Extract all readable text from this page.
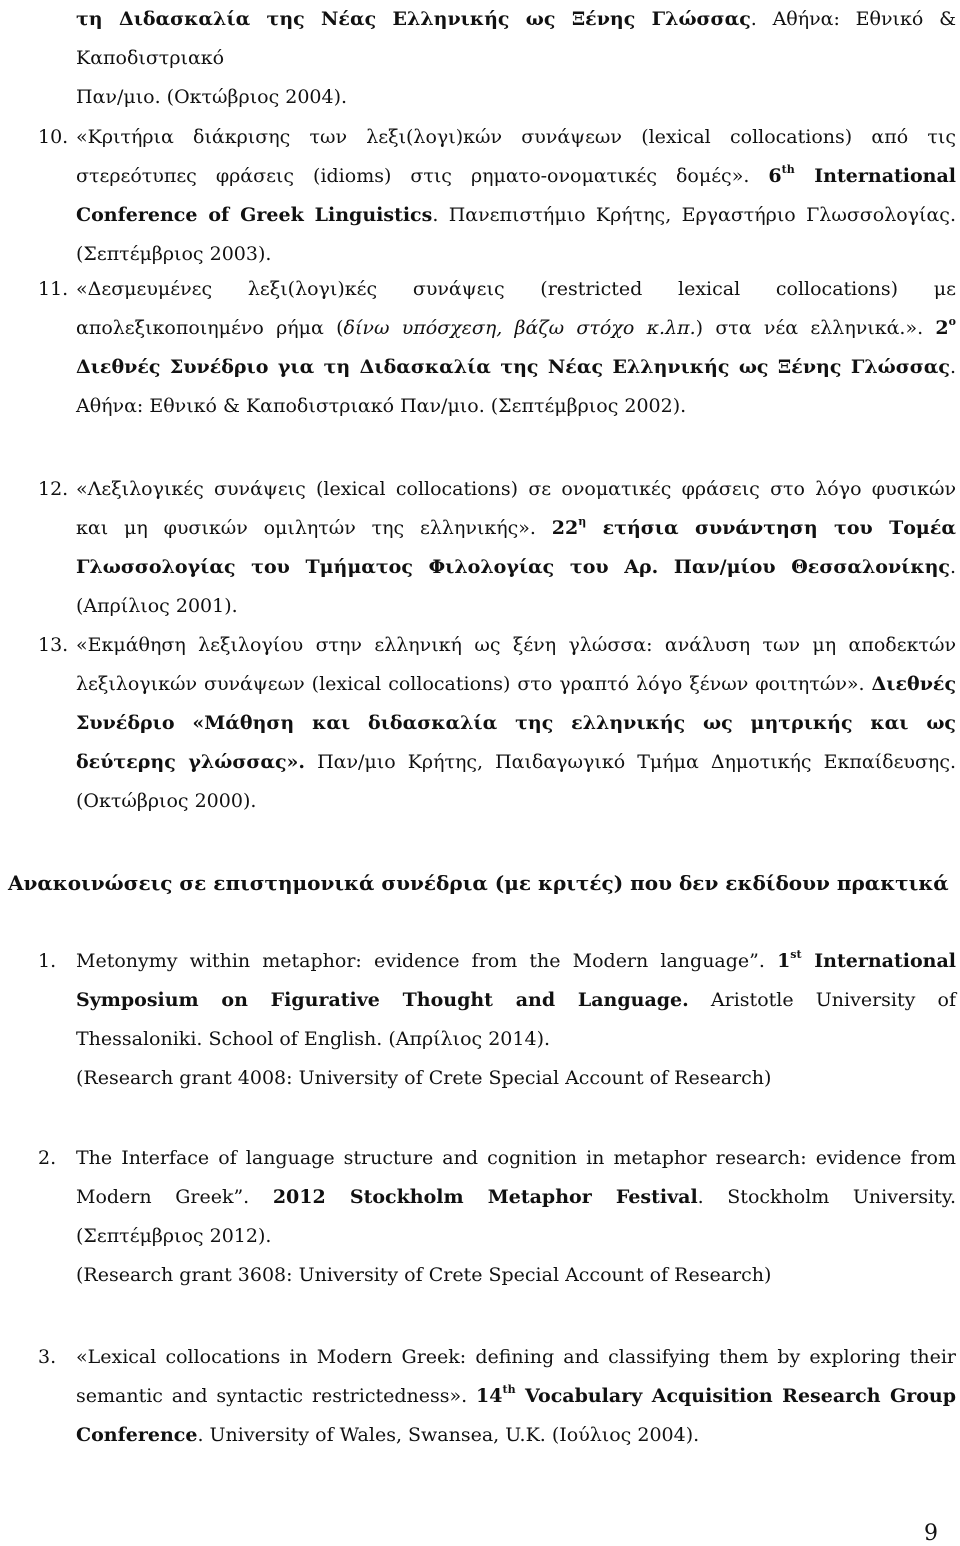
τη Διδασκαλία της Νέας Ελληνικής ως Ξένης Γλώσσας. Αθήνα: Εθνικό & Καποδιστριακό
Παν/μιο. (Οκτώβριος 2004).
10. «Κριτήρια διάκρισης των λεξι(λογι)κών συνάψεων (lexical collocations) από τις στερεότυπες φράσεις (idioms) στις ρηματο-ονοματικές δομές». 6th International Conference of Greek Linguistics. Πανεπιστήμιο Κρήτης, Εργαστήριο Γλωσσολογίας. (Σεπτέμβριος 2003).
11. «Δεσμευμένες λεξι(λογι)κές συνάψεις (restricted lexical collocations) με απολεξικοποιημένο ρήμα (δίνω υπόσχεση, βάζω στόχο κ.λπ.) στα νέα ελληνικά.». $2^o$ Διεθνές Συνέδριο για τη Διδασκαλία της Νέας Ελληνικής ως Ξένης Γλώσσας. Αθήνα: Εθνικό & Καποδιστριακό Παν/μιο. (Σεπτέμβριος 2002).
12. «Λεξιλογικές συνάψεις (lexical collocations) σε ονοματικές φράσεις στο λόγο φυσικών και μη φυσικών ομιλητών της ελληνικής». $22^\eta$ ετήσια συνάντηση του Τομέα Γλωσσολογίας του Τμήματος Φιλολογίας του Αρ. Παν/μίου Θεσσαλονίκης. (Απρίλιος 2001).
13. «Εκμάθηση λεξιλογίου στην ελληνική ως ξένη γλώσσα: ανάλυση των μη αποδεκτών λεξιλογικών συνάψεων (lexical collocations) στο γραπτό λόγο ξένων φοιτητών». Διεθνές Συνέδριο «Μάθηση και διδασκαλία της ελληνικής ως μητρικής και ως δεύτερης γλώσσας». Παν/μιο Κρήτης, Παιδαγωγικό Τμήμα Δημοτικής Εκπαίδευσης. (Οκτώβριος 2000).
Ανακοινώσεις σε επιστημονικά συνέδρια (με κριτές) που δεν εκδίδουν πρακτικά
1. Metonymy within metaphor: evidence from the Modern language”. 1st International Symposium on Figurative Thought and Language. Aristotle University of Thessaloniki. School of English. (Απρίλιος 2014).
(Research grant 4008: University of Crete Special Account of Research)
2. The Interface of language structure and cognition in metaphor research: evidence from Modern Greek”. 2012 Stockholm Metaphor Festival. Stockholm University. (Σεπτέμβριος 2012).
(Research grant 3608: University of Crete Special Account of Research)
3. «Lexical collocations in Modern Greek: defining and classifying them by exploring their semantic and syntactic restrictedness». 14th Vocabulary Acquisition Research Group Conference. University of Wales, Swansea, U.K. (Ιούλιος 2004).
9
